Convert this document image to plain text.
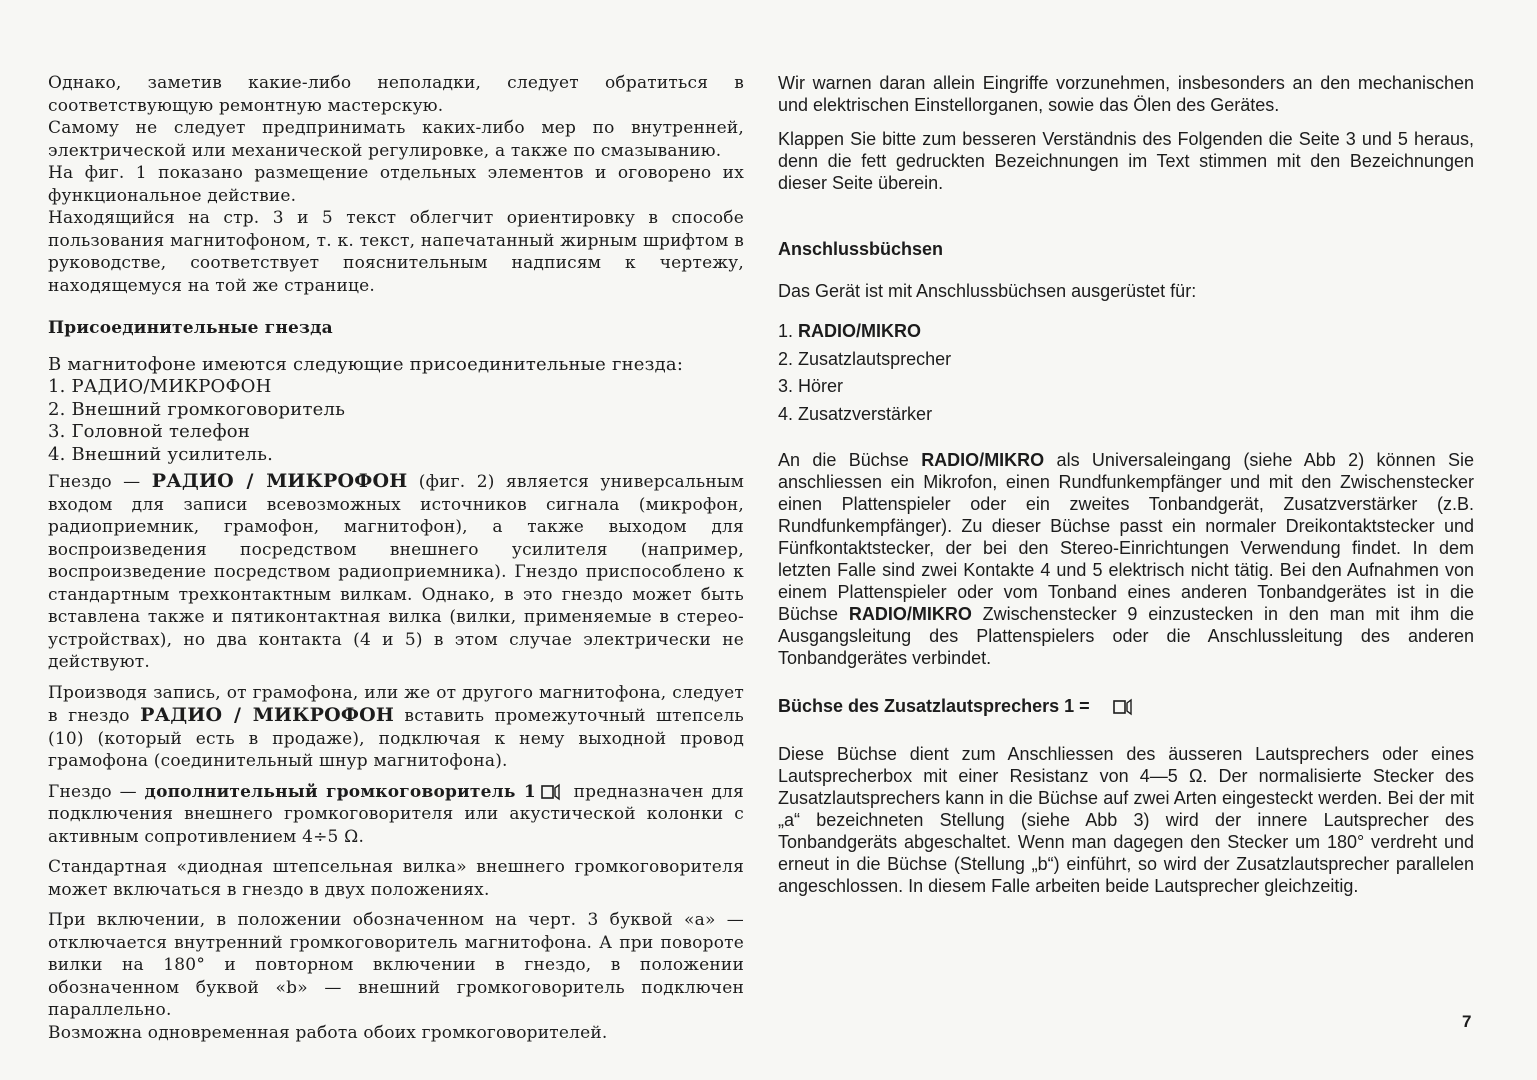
Однако, заметив какие-либо неполадки, следует обратиться в соответствующую ремонтную мастерскую.

Самому не следует предпринимать каких-либо мер по внутренней, электрической или механической регулировке, а также по смазыванию.

На фиг. 1 показано размещение отдельных элементов и оговорено их функциональное действие.

Находящийся на стр. 3 и 5 текст облегчит ориентировку в способе пользования магнитофоном, т. к. текст, напечатанный жирным шрифтом в руководстве, соответствует пояснительным надписям к чертежу, находящемуся на той же странице.

Присоединительные гнезда

В магнитофоне имеются следующие присоединительные гнезда:

1. РАДИО/МИКРОФОН
2. Внешний громкоговоритель
3. Головной телефон
4. Внешний усилитель.

Гнездо — РАДИО / МИКРОФОН (фиг. 2) является универсальным входом для записи всевозможных источников сигнала (микрофон, радиоприемник, грамофон, магнитофон), а также выходом для воспроизведения посредством внешнего усилителя (например, воспроизведение посредством радиоприемника). Гнездо приспособлено к стандартным трехконтактным вилкам. Однако, в это гнездо может быть вставлена также и пятиконтактная вилка (вилки, применяемые в стерео-устройствах), но два контакта (4 и 5) в этом случае электрически не действуют.

Производя запись, от грамофона, или же от другого магнитофона, следует в гнездо РАДИО / МИКРОФОН вставить промежуточный штепсель (10) (который есть в продаже), подключая к нему выходной провод грамофона (соединительный шнур магнитофона).

Гнездо — дополнительный громкоговоритель 1 предназначен для подключения внешнего громкоговорителя или акустической колонки с активным сопротивлением 4÷5 Ω.

Стандартная «диодная штепсельная вилка» внешнего громкоговорителя может включаться в гнездо в двух положениях.

При включении, в положении обозначенном на черт. 3 буквой «а» — отключается внутренний громкоговоритель магнитофона. А при повороте вилки на 180° и повторном включении в гнездо, в положении обозначенном буквой «b» — внешний громкоговоритель подключен параллельно.

Возможна одновременная работа обоих громкоговорителей.

Wir warnen daran allein Eingriffe vorzunehmen, insbesonders an den mechanischen und elektrischen Einstellorganen, sowie das Ölen des Gerätes.

Klappen Sie bitte zum besseren Verständnis des Folgenden die Seite 3 und 5 heraus, denn die fett gedruckten Bezeichnungen im Text stimmen mit den Bezeichnungen dieser Seite überein.

Anschlussbüchsen

Das Gerät ist mit Anschlussbüchsen ausgerüstet für:

1. RADIO/MIKRO
2. Zusatzlautsprecher
3. Hörer
4. Zusatzverstärker

An die Büchse RADIO/MIKRO als Universaleingang (siehe Abb 2) können Sie anschliessen ein Mikrofon, einen Rundfunkempfänger und mit den Zwischenstecker einen Plattenspieler oder ein zweites Tonbandgerät, Zusatzverstärker (z.B. Rundfunkempfänger). Zu dieser Büchse passt ein normaler Dreikontaktstecker und Fünfkontaktstecker, der bei den Stereo-Einrichtungen Verwendung findet. In dem letzten Falle sind zwei Kontakte 4 und 5 elektrisch nicht tätig. Bei den Aufnahmen von einem Plattenspieler oder vom Tonband eines anderen Tonbandgerätes ist in die Büchse RADIO/MIKRO Zwischenstecker 9 einzustecken in den man mit ihm die Ausgangsleitung des Plattenspielers oder die Anschlussleitung des anderen Tonbandgerätes verbindet.

Büchse des Zusatzlautsprechers 1 =

Diese Büchse dient zum Anschliessen des äusseren Lautsprechers oder eines Lautsprecherbox mit einer Resistanz von 4—5 Ω. Der normalisierte Stecker des Zusatzlautsprechers kann in die Büchse auf zwei Arten eingesteckt werden. Bei der mit „a“ bezeichneten Stellung (siehe Abb 3) wird der innere Lautsprecher des Tonbandgeräts abgeschaltet. Wenn man dagegen den Stecker um 180° verdreht und erneut in die Büchse (Stellung „b“) einführt, so wird der Zusatzlautsprecher parallelen angeschlossen. In diesem Falle arbeiten beide Lautsprecher gleichzeitig.

7
